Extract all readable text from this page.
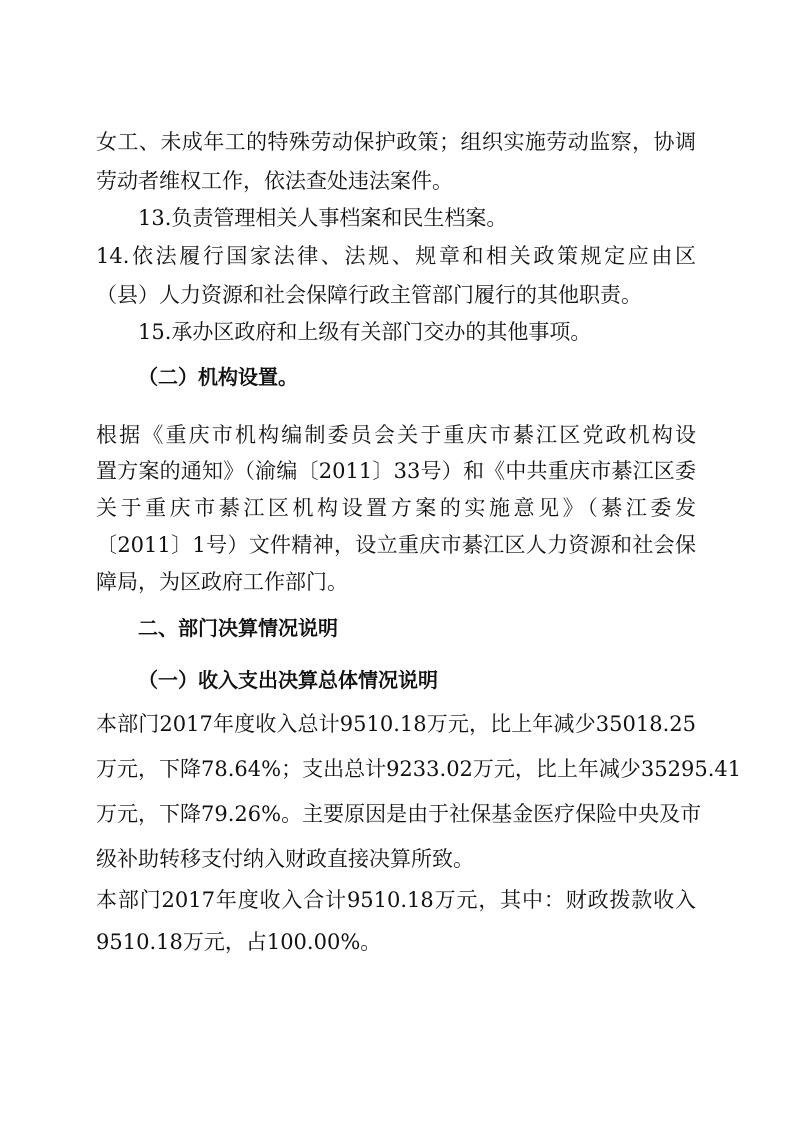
女工、未成年工的特殊劳动保护政策；组织实施劳动监察，协调
劳动者维权工作，依法查处违法案件。
13.负责管理相关人事档案和民生档案。
14.依法履行国家法律、法规、规章和相关政策规定应由区
（县）人力资源和社会保障行政主管部门履行的其他职责。
15.承办区政府和上级有关部门交办的其他事项。
（二）机构设置。
根据《重庆市机构编制委员会关于重庆市綦江区党政机构设
置方案的通知》（渝编〔2011〕33号）和《中共重庆市綦江区委
关于重庆市綦江区机构设置方案的实施意见》（綦江委发
〔2011〕1号）文件精神，设立重庆市綦江区人力资源和社会保
障局，为区政府工作部门。
二、部门决算情况说明
（一）收入支出决算总体情况说明
本部门2017年度收入总计9510.18万元，比上年减少35018.25
万元，下降78.64%；支出总计9233.02万元，比上年减少35295.41
万元，下降79.26%。主要原因是由于社保基金医疗保险中央及市
级补助转移支付纳入财政直接决算所致。
本部门2017年度收入合计9510.18万元，其中：财政拨款收入
9510.18万元，占100.00%。
